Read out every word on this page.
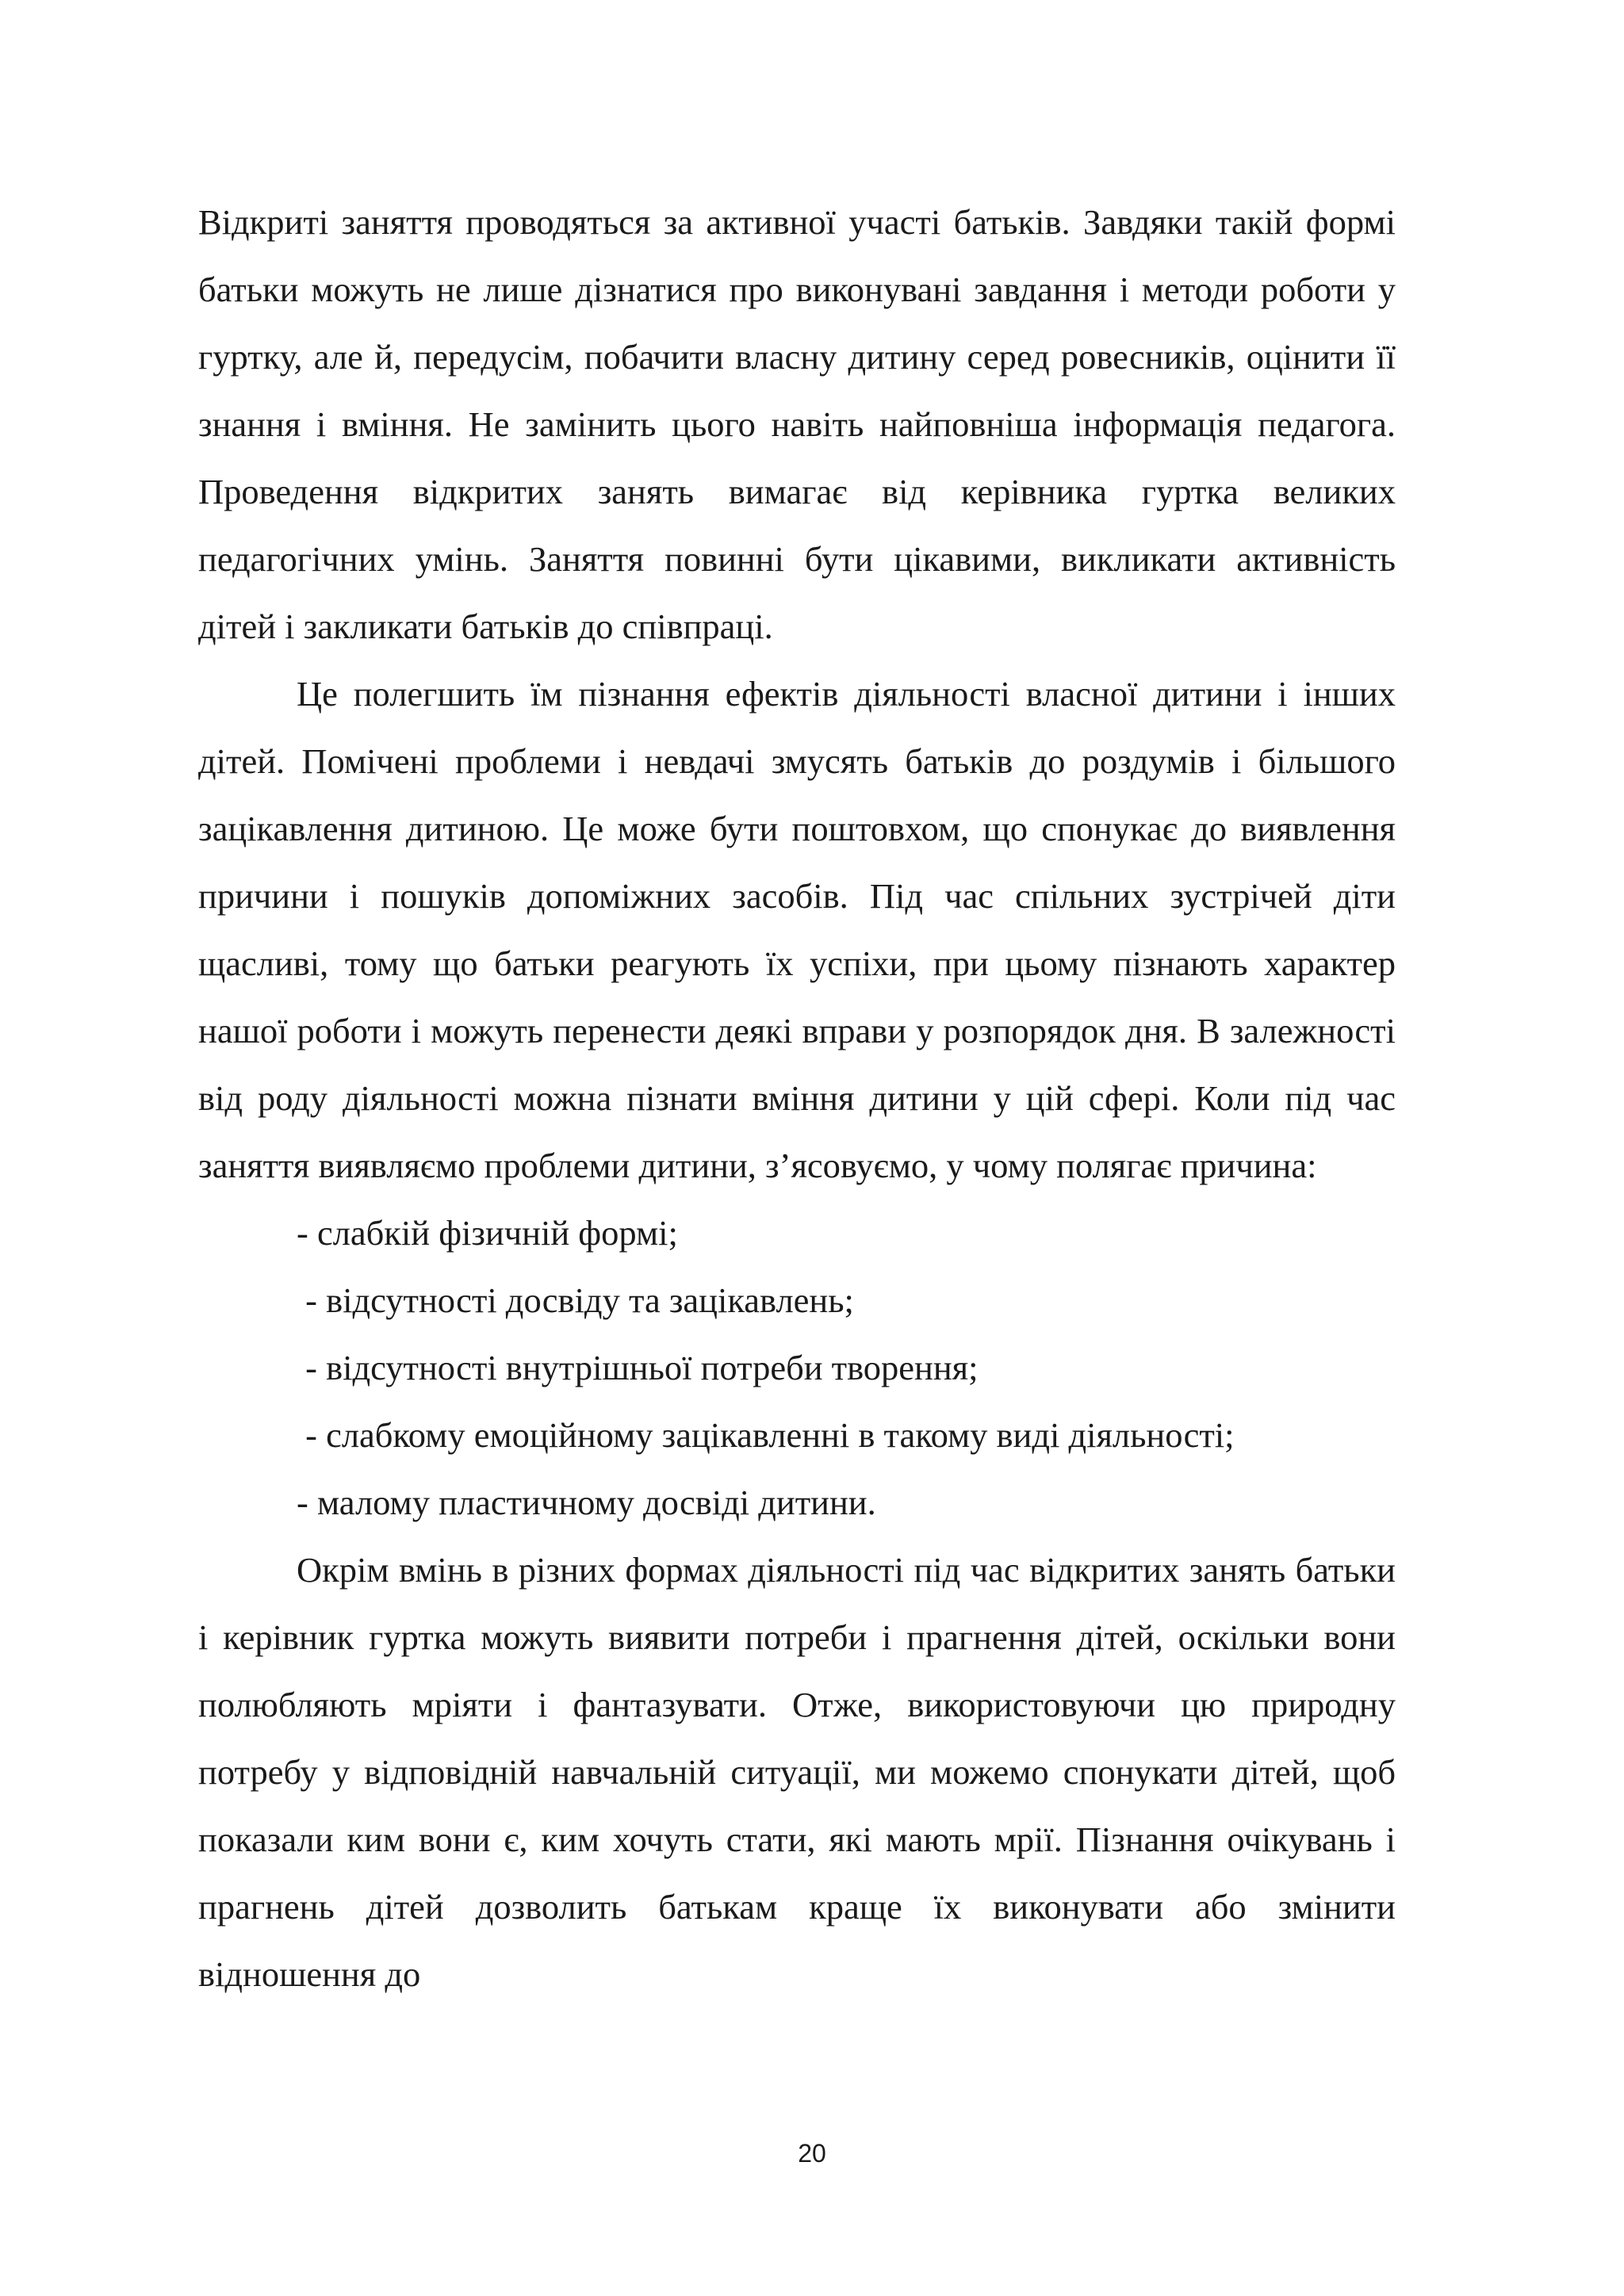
Відкриті заняття проводяться за активної участі батьків. Завдяки такій формі батьки можуть не лише дізнатися про виконувані завдання і методи роботи у гуртку, але й, передусім, побачити власну дитину серед ровесників, оцінити її знання і вміння. Не замінить цього навіть найповніша інформація педагога. Проведення відкритих занять вимагає від керівника гуртка великих педагогічних умінь. Заняття повинні бути цікавими, викликати активність дітей і закликати батьків до співпраці.

Це полегшить їм пізнання ефектів діяльності власної дитини і інших дітей. Помічені проблеми і невдачі змусять батьків до роздумів і більшого зацікавлення дитиною. Це може бути поштовхом, що спонукає до виявлення причини і пошуків допоміжних засобів. Під час спільних зустрічей діти щасливі, тому що батьки реагують їх успіхи, при цьому пізнають характер нашої роботи і можуть перенести деякі вправи у розпорядок дня. В залежності від роду діяльності можна пізнати вміння дитини у цій сфері. Коли під час заняття виявляємо проблеми дитини, з’ясовуємо, у чому полягає причина:

- слабкій фізичній формі;
- відсутності досвіду та зацікавлень;
- відсутності внутрішньої потреби творення;
- слабкому емоційному зацікавленні в такому виді діяльності;
- малому пластичному досвіді дитини.

Окрім вмінь в різних формах діяльності під час відкритих занять батьки і керівник гуртка можуть виявити потреби і прагнення дітей, оскільки вони полюбляють мріяти і фантазувати. Отже, використовуючи цю природну потребу у відповідній навчальній ситуації, ми можемо спонукати дітей, щоб показали ким вони є, ким хочуть стати, які мають мрії. Пізнання очікувань і прагнень дітей дозволить батькам краще їх виконувати або змінити відношення до

20
